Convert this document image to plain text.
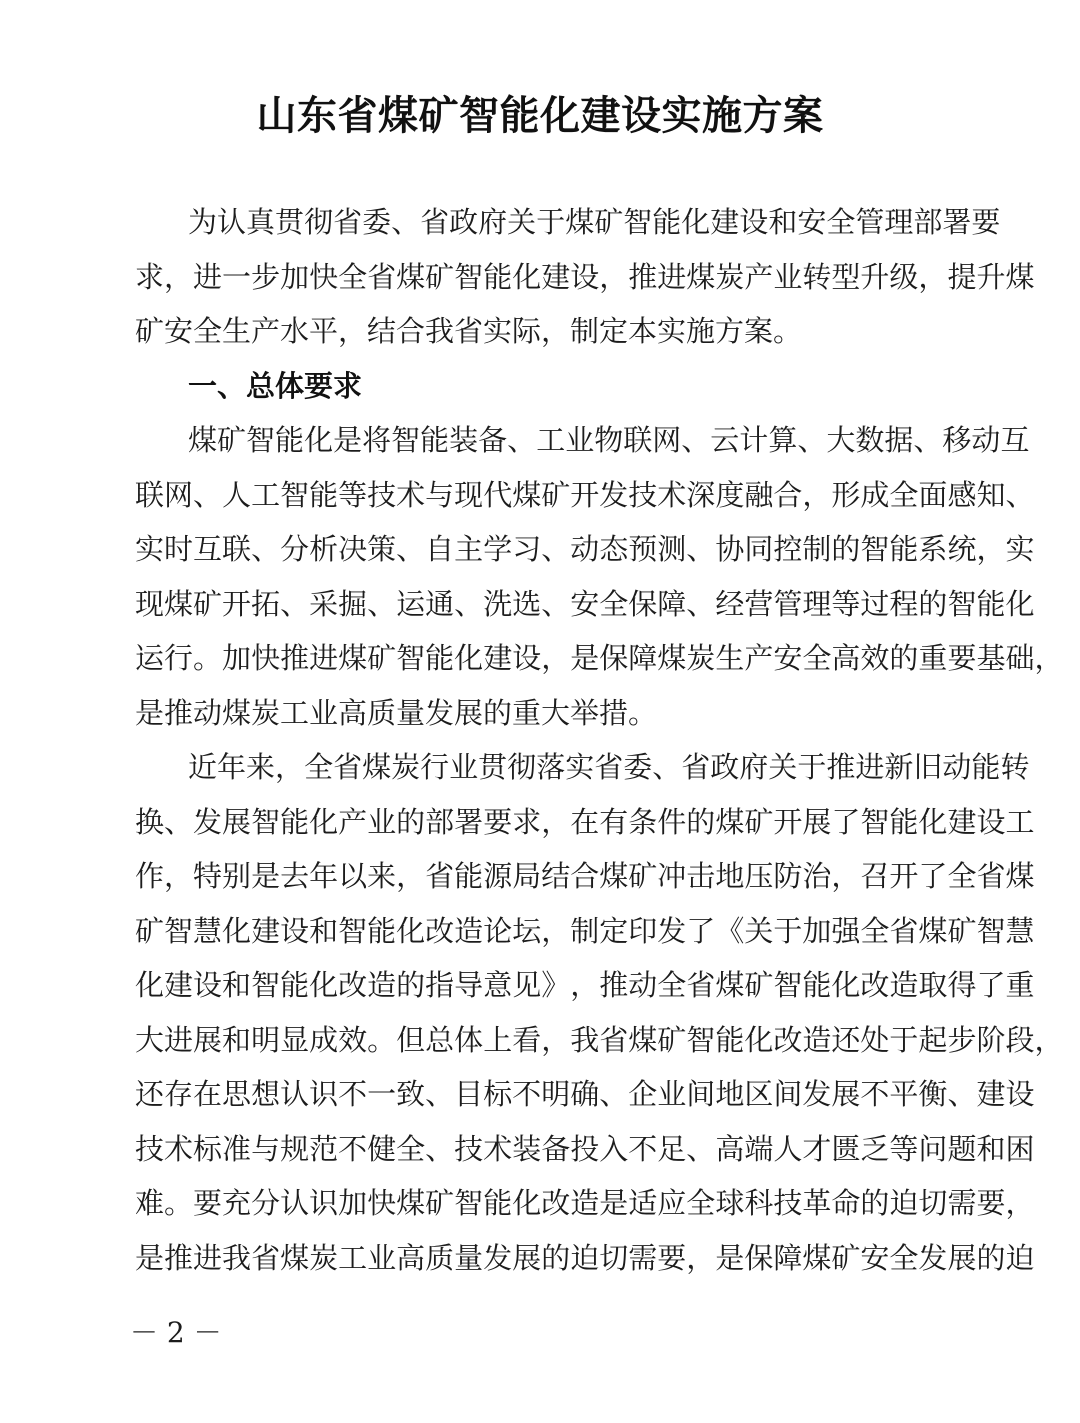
山东省煤矿智能化建设实施方案
为 认 真 贯 彻 省 委 、 省 政 府 关 于 煤 矿 智 能 化 建 设 和 安 全 管 理 部 署 要
求 ， 进 一 步 加 快 全 省 煤 矿 智 能 化 建 设 ， 推 进 煤 炭 产 业 转 型 升 级 ， 提 升 煤
矿安全生产水平，结合我省实际，制定本实施方案。
一、总体要求
煤 矿 智 能 化 是 将 智 能 装 备 、 工 业 物 联 网 、 云 计 算 、 大 数 据 、 移 动 互
联 网 、 人 工 智 能 等 技 术 与 现 代 煤 矿 开 发 技 术 深 度 融 合 ， 形 成 全 面 感 知 、
实 时 互 联 、 分 析 决 策 、 自 主 学 习 、 动 态 预 测 、 协 同 控 制 的 智 能 系 统 ， 实
现 煤 矿 开 拓 、 采 掘 、 运 通 、 洗 选 、 安 全 保 障 、 经 营 管 理 等 过 程 的 智 能 化
运 行 。 加 快 推 进 煤 矿 智 能 化 建 设 ， 是 保 障 煤 炭 生 产 安 全 高 效 的 重 要 基 础 ，
是推动煤炭工业高质量发展的重大举措。
近 年 来 ， 全 省 煤 炭 行 业 贯 彻 落 实 省 委 、 省 政 府 关 于 推 进 新 旧 动 能 转
换 、 发 展 智 能 化 产 业 的 部 署 要 求 ， 在 有 条 件 的 煤 矿 开 展 了 智 能 化 建 设 工
作 ， 特 别 是 去 年 以 来 ， 省 能 源 局 结 合 煤 矿 冲 击 地 压 防 治 ， 召 开 了 全 省 煤
矿 智 慧 化 建 设 和 智 能 化 改 造 论 坛 ， 制 定 印 发 了 《 关 于 加 强 全 省 煤 矿 智 慧
化 建 设 和 智 能 化 改 造 的 指 导 意 见 》 ， 推 动 全 省 煤 矿 智 能 化 改 造 取 得 了 重
大 进 展 和 明 显 成 效 。 但 总 体 上 看 ， 我 省 煤 矿 智 能 化 改 造 还 处 于 起 步 阶 段 ，
还 存 在 思 想 认 识 不 一 致 、 目 标 不 明 确 、 企 业 间 地 区 间 发 展 不 平 衡 、 建 设
技 术 标 准 与 规 范 不 健 全 、 技 术 装 备 投 入 不 足 、 高 端 人 才 匮 乏 等 问 题 和 困
难 。 要 充 分 认 识 加 快 煤 矿 智 能 化 改 造 是 适 应 全 球 科 技 革 命 的 迫 切 需 要 ，
是 推 进 我 省 煤 炭 工 业 高 质 量 发 展 的 迫 切 需 要 ， 是 保 障 煤 矿 安 全 发 展 的 迫
－ 2 －
